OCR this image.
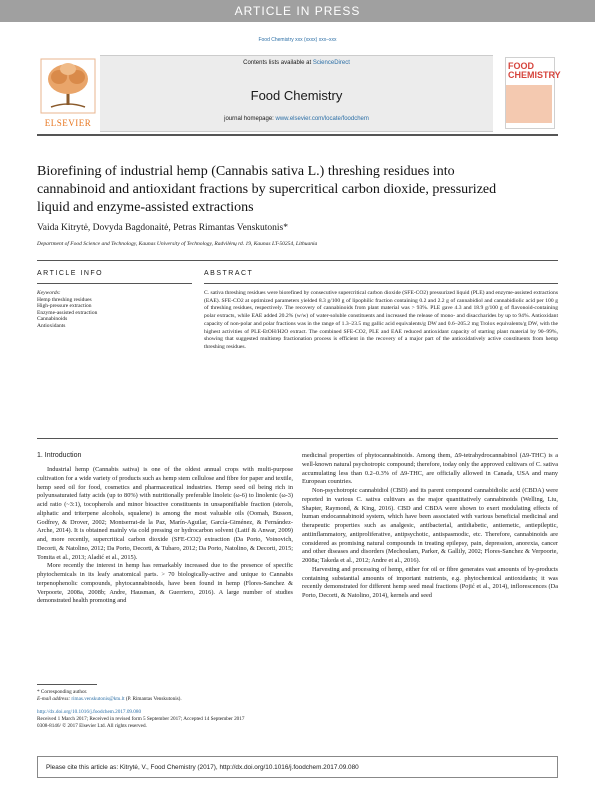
ARTICLE IN PRESS
Food Chemistry xxx (xxxx) xxx–xxx
ELSEVIER
Contents lists available at ScienceDirect
Food Chemistry
journal homepage: www.elsevier.com/locate/foodchem
FOOD
CHEMISTRY
Biorefining of industrial hemp (Cannabis sativa L.) threshing residues into cannabinoid and antioxidant fractions by supercritical carbon dioxide, pressurized liquid and enzyme-assisted extractions
Vaida Kitrytė, Dovyda Bagdonaitė, Petras Rimantas Venskutonis*
Department of Food Science and Technology, Kaunas University of Technology, Radvilėnų rd. 19, Kaunas LT-50254, Lithuania
ARTICLE INFO	ABSTRACT
Keywords:
Hemp threshing residues
High-pressure extraction
Enzyme-assisted extraction
Cannabinoids
Antioxidants
C. sativa threshing residues were biorefined by consecutive supercritical carbon dioxide (SFE-CO2) pressurized liquid (PLE) and enzyme-assisted extractions (EAE). SFE-CO2 at optimized parameters yielded 8.3 g/100 g of lipophilic fraction containing 0.2 and 2.2 g of cannabidiol and cannabidiolic acid per 100 g of threshing residues, respectively. The recovery of cannabinoids from plant material was > 93%. PLE gave 4.3 and 18.9 g/100 g of flavonoid-containing polar extracts, while EAE added 20.2% (w/w) of water-soluble constituents and increased the release of mono- and disaccharides by up to 94%. Antioxidant capacity of non-polar and polar fractions was in the range of 1.3–23.5 mg gallic acid equivalents/g DW and 0.6–205.2 mg Trolox equivalents/g DW, with the highest activities of PLE-EtOH/H2O extract. The combined SFE-CO2, PLE and EAE reduced antioxidant capacity of starting plant material by 90–99%, showing that suggested multistep fractionation process is efficient in the recovery of a major part of the antioxidatively active constituents from hemp threshing residues.
1. Introduction

Industrial hemp (Cannabis sativa) is one of the oldest annual crops with multi-purpose cultivation for a wide variety of products such as hemp stem cellulose and fibre for paper and textile, hemp seed oil for food, cosmetics and pharmaceutical industries. Hemp seed oil being rich in polyunsaturated fatty acids (up to 80%) with nutritionally preferable linoleic (ω-6) to linolenic (ω-3) acid ratio (~3:1), tocopherols and minor bioactive constituents in unsaponifiable fraction (sterols, aliphatic and triterpene alcohols, squalene) is among the most valuable oils (Oomah, Busson, Godfrey, & Drover, 2002; Montserrat-de la Paz, Marín-Aguilar, García-Giménez, & Fernández-Arche, 2014). It is obtained mainly via cold pressing or hydrocarbon solvent (Latif & Anwar, 2009) and, more recently, supercritical carbon dioxide (SFE-CO2) extraction (Da Porto, Voinovich, Decorti, & Natolino, 2012; Da Porto, Decorti, & Tubaro, 2012; Da Porto, Natolino, & Decorti, 2015; Tomita et al., 2013; Aladić et al., 2015).

More recently the interest in hemp has remarkably increased due to the presence of specific phytochemicals in its leafy anatomical parts. > 70 biologically-active and unique to Cannabis terpenophenolic compounds, phytocannabinoids, have been found in hemp (Flores-Sanchez & Verpoorte, 2008a, 2008b; Andre, Hausman, & Guerriero, 2016). A large number of studies demonstrated health promoting and

medicinal properties of phytocannabinoids. Among them, Δ9-tetrahydrocannabinol (Δ9-THC) is a well-known natural psychotropic compound; therefore, today only the approved cultivars of C. sativa accumulating less than 0.2–0.3% of Δ9-THC, are officially allowed in Canada, USA and many European countries.

Non-psychotropic cannabidiol (CBD) and its parent compound cannabidiolic acid (CBDA) were reported in various C. sativa cultivars as the major quantitatively cannabinoids (Welling, Liu, Shapter, Raymond, & King, 2016). CBD and CBDA were shown to exert modulating effects of human endocannabinoid system, which have been associated with various beneficial medicinal and therapeutic properties such as analgesic, antibacterial, antidiabetic, antiemetic, antiepileptic, antiinflammatory, antiproliferative, antipsychotic, antispasmodic, etc. Therefore, cannabinoids are considered as promising natural compounds in treating epilepsy, pain, depression, anorexia, cancer and other diseases and disorders (Mechoulam, Parker, & Gallily, 2002; Flores-Sanchez & Verpoorte, 2008a; Takeda et al., 2012; Andre et al., 2016).

Harvesting and processing of hemp, either for oil or fibre generates vast amounts of by-products containing substantial amounts of important nutrients, e.g. phytochemical antioxidants; it was recently demonstrated for different hemp seed meal fractions (Pojić et al., 2014), inflorescences (Da Porto, Decorti, & Natolino, 2014), kernels and seed

* Corresponding author.
E-mail address: rimas.venskutonis@ktu.lt (P. Rimantas Venskutonis).
http://dx.doi.org/10.1016/j.foodchem.2017.09.080
Received 1 March 2017; Received in revised form 5 September 2017; Accepted 14 September 2017
0308-8146/ © 2017 Elsevier Ltd. All rights reserved.
Please cite this article as: Kitrytė, V., Food Chemistry (2017), http://dx.doi.org/10.1016/j.foodchem.2017.09.080
